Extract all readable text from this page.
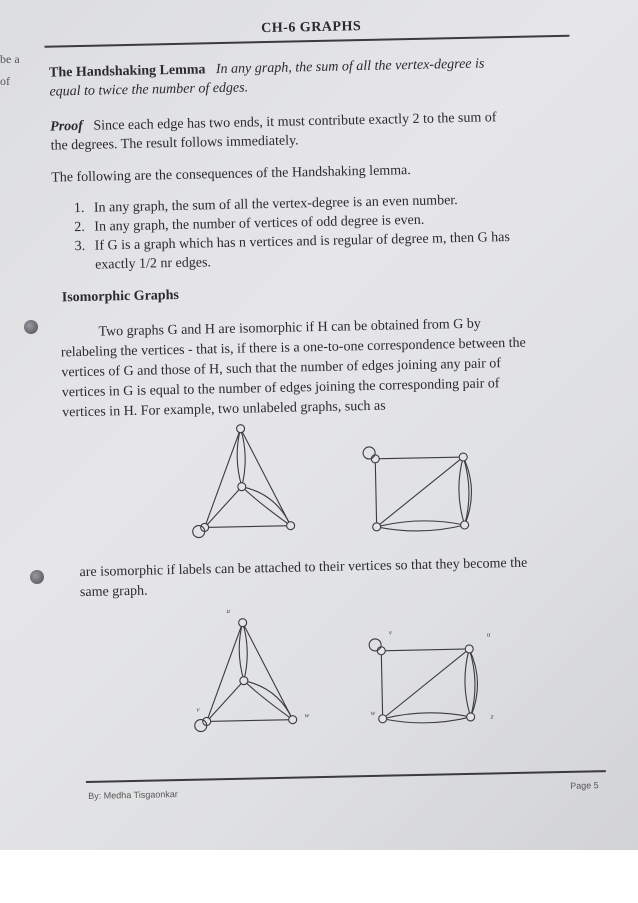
be a
of
CH-6 GRAPHS
The Handshaking Lemma In any graph, the sum of all the vertex-degree is
equal to twice the number of edges.
Proof Since each edge has two ends, it must contribute exactly 2 to the sum of
the degrees. The result follows immediately.
The following are the consequences of the Handshaking lemma.
1. In any graph, the sum of all the vertex-degree is an even number.
2. In any graph, the number of vertices of odd degree is even.
3. If G is a graph which has n vertices and is regular of degree m, then G has
exactly 1/2 nr edges.
Isomorphic Graphs
Two graphs G and H are isomorphic if H can be obtained from G by
relabeling the vertices - that is, if there is a one-to-one correspondence between the
vertices of G and those of H, such that the number of edges joining any pair of
vertices in G is equal to the number of edges joining the corresponding pair of
vertices in H. For example, two unlabeled graphs, such as
are isomorphic if labels can be attached to their vertices so that they become the
same graph.
u
v
w
v	u
w	z
By: Medha Tisgaonkar
Page 5
